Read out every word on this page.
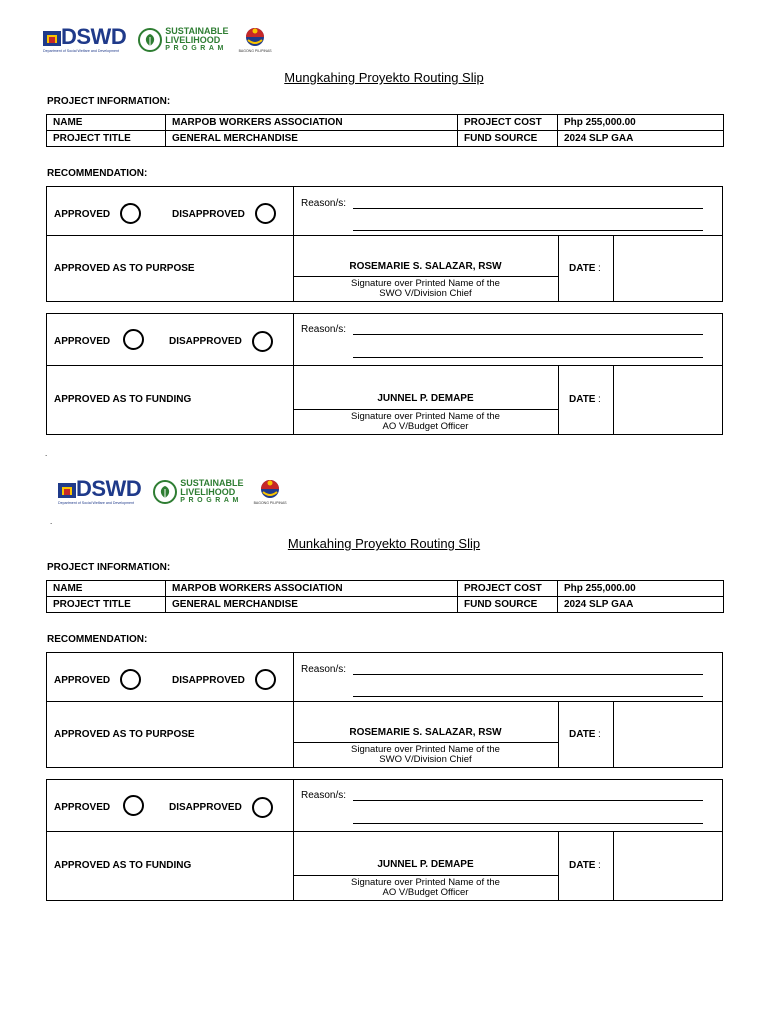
DSWD
Department of Social Welfare and Development
SUSTAINABLE
LIVELIHOOD
PROGRAM	BAGONG PILIPINAS
Mungkahing Proyekto Routing Slip
PROJECT INFORMATION:
NAME	MARPOB WORKERS ASSOCIATION	PROJECT COST	Php 255,000.00
PROJECT TITLE	GENERAL MERCHANDISE	FUND SOURCE	2024 SLP GAA
RECOMMENDATION:
APPROVED	DISAPPROVED
Reason/s:
APPROVED AS TO PURPOSE	ROSEMARIE S. SALAZAR, RSW
Signature over Printed Name of the
SWO V/Division Chief
DATE :
APPROVED	DISAPPROVED
Reason/s:
APPROVED AS TO FUNDING	JUNNEL P. DEMAPE
Signature over Printed Name of the
AO V/Budget Officer
DATE :
.
.
DSWD
Department of Social Welfare and Development
SUSTAINABLE
LIVELIHOOD
PROGRAM	BAGONG PILIPINAS
Munkahing Proyekto Routing Slip
PROJECT INFORMATION:
NAME	MARPOB WORKERS ASSOCIATION	PROJECT COST	Php 255,000.00
PROJECT TITLE	GENERAL MERCHANDISE	FUND SOURCE	2024 SLP GAA
RECOMMENDATION:
APPROVED	DISAPPROVED
Reason/s:
APPROVED AS TO PURPOSE	ROSEMARIE S. SALAZAR, RSW
Signature over Printed Name of the
SWO V/Division Chief
DATE :
APPROVED	DISAPPROVED
Reason/s:
APPROVED AS TO FUNDING	JUNNEL P. DEMAPE
Signature over Printed Name of the
AO V/Budget Officer
DATE :
